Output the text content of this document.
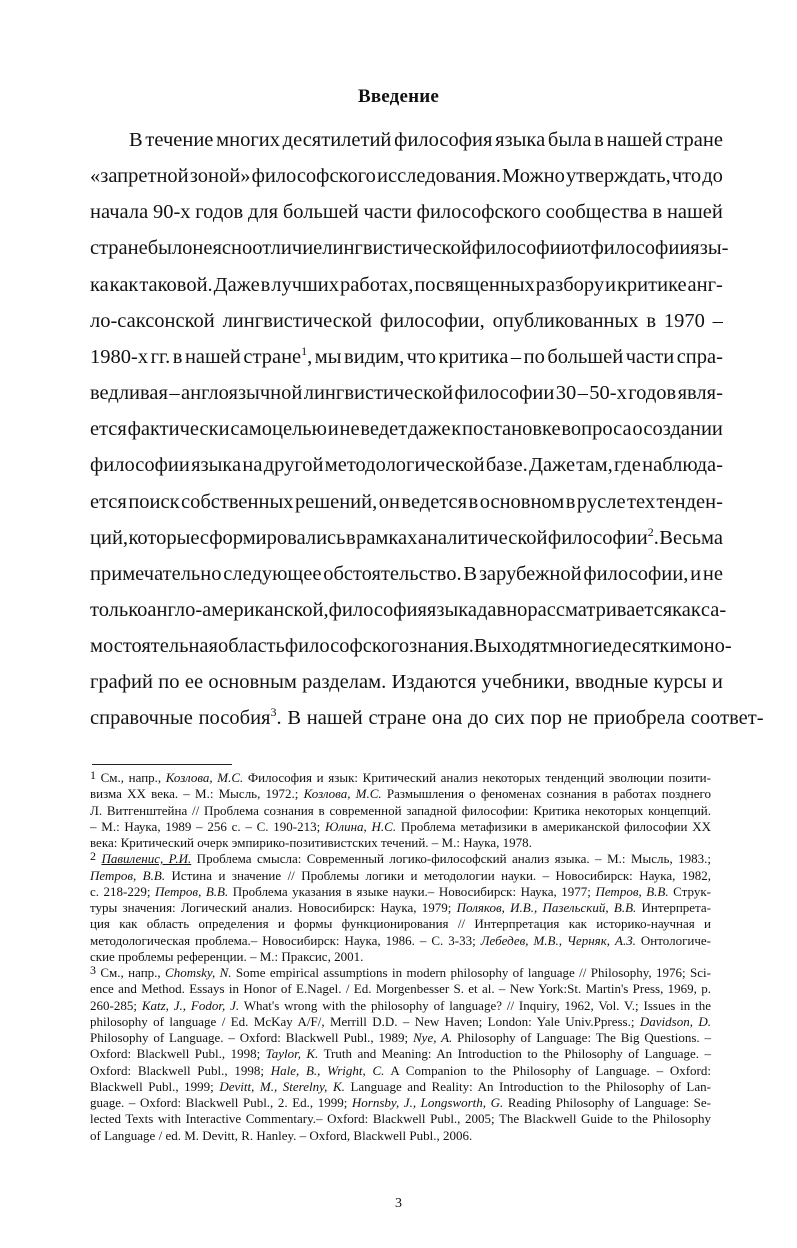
Введение
В течение многих десятилетий философия языка была в нашей стране
«запретной зоной» философского исследования. Можно утверждать, что до
начала 90-х годов для большей части философского сообщества в нашей
стране было неясно отличие лингвистической философии от философии язы-
ка как таковой. Даже в лучших работах, посвященных разбору и критике анг-
ло-саксонской лингвистической философии, опубликованных в 1970 –
1980-х гг. в нашей стране$^1$, мы видим, что критика – по большей части спра-
ведливая – англоязычной лингвистической философии 30 – 50-х годов явля-
ется фактически самоцелью и не ведет даже к постановке вопроса о создании
философии языка на другой методологической базе. Даже там, где наблюда-
ется поиск собственных решений, он ведется в основном в русле тех тенден-
ций, которые сформировались в рамках аналитической философии$^2$. Весьма
примечательно следующее обстоятельство. В зарубежной философии, и не
только англо-американской, философия языка давно рассматривается как са-
мостоятельная область философского знания. Выходят многие десятки моно-
графий по ее основным разделам. Издаются учебники, вводные курсы и
справочные пособия$^3$. В нашей стране она до сих пор не приобрела соответ-
$^1$ См., напр., Козлова, М.С. Философия и язык: Критический анализ некоторых тенденций эволюции позити-
визма XX века. – М.: Мысль, 1972.; Козлова, М.С. Размышления о феноменах сознания в работах позднего
Л. Витгенштейна // Проблема сознания в современной западной философии: Критика некоторых концепций.
– М.: Наука, 1989 – 256 с. – С. 190-213; Юлина, Н.С. Проблема метафизики в американской философии XX
века: Критический очерк эмпирико-позитивистских течений. – М.: Наука, 1978.
$^2$ Павиленис, Р.И. Проблема смысла: Современный логико-философский анализ языка. – М.: Мысль, 1983.;
Петров, В.В. Истина и значение // Проблемы логики и методологии науки. – Новосибирск: Наука, 1982,
с. 218-229; Петров, В.В. Проблема указания в языке науки.– Новосибирск: Наука, 1977; Петров, В.В. Струк-
туры значения: Логический анализ. Новосибирск: Наука, 1979; Поляков, И.В., Пазельский, В.В. Интерпрета-
ция как область определения и формы функционирования // Интерпретация как историко-научная и
методологическая проблема.– Новосибирск: Наука, 1986. – С. 3-33; Лебедев, М.В., Черняк, А.З. Онтологиче-
ские проблемы референции. – М.: Праксис, 2001.
$^3$ См., напр., Chomsky, N. Some empirical assumptions in modern philosophy of language // Philosophy, 1976; Sci-
ence and Method. Essays in Honor of E.Nagel. / Ed. Morgenbesser S. et al. – New York:St. Martin's Press, 1969, p.
260-285; Katz, J., Fodor, J. What's wrong with the philosophy of language? // Inquiry, 1962, Vol. V.; Issues in the
philosophy of language / Ed. McKay A/F/, Merrill D.D. – New Haven; London: Yale Univ.Ppress.; Davidson, D.
Philosophy of Language. – Oxford: Blackwell Publ., 1989; Nye, A. Philosophy of Language: The Big Questions. –
Oxford: Blackwell Publ., 1998; Taylor, K. Truth and Meaning: An Introduction to the Philosophy of Language. –
Oxford: Blackwell Publ., 1998; Hale, B., Wright, C. A Companion to the Philosophy of Language. – Oxford:
Blackwell Publ., 1999; Devitt, M., Sterelny, K. Language and Reality: An Introduction to the Philosophy of Lan-
guage. – Oxford: Blackwell Publ., 2. Ed., 1999; Hornsby, J., Longsworth, G. Reading Philosophy of Language: Se-
lected Texts with Interactive Commentary.– Oxford: Blackwell Publ., 2005; The Blackwell Guide to the Philosophy
of Language / ed. M. Devitt, R. Hanley. – Oxford, Blackwell Publ., 2006.
3
